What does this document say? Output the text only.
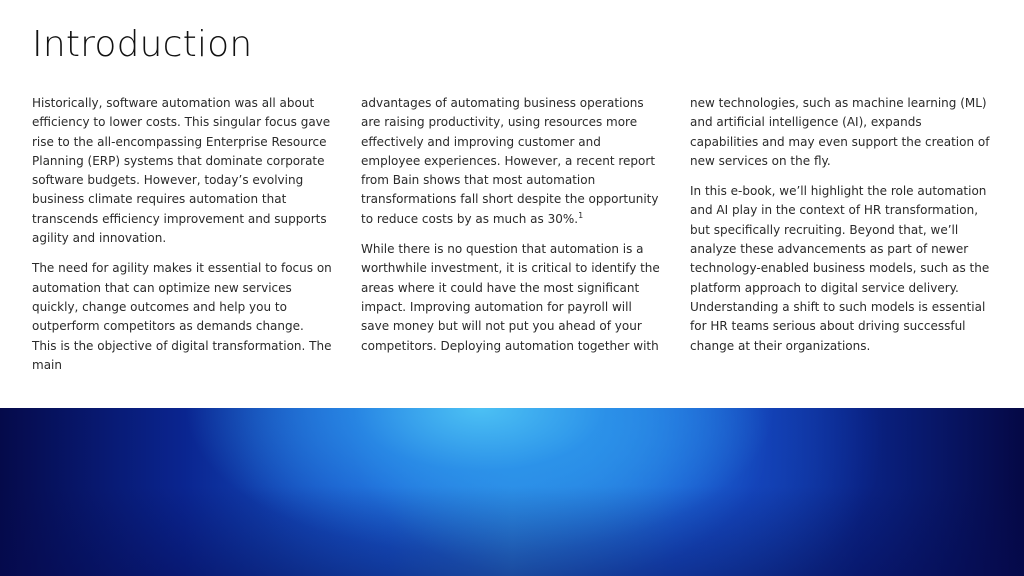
Introduction

Historically, software automation was all about efficiency to lower costs. This singular focus gave rise to the all-encompassing Enterprise Resource Planning (ERP) systems that dominate corporate software budgets. However, today’s evolving business climate requires automation that transcends efficiency improvement and supports agility and innovation.

The need for agility makes it essential to focus on automation that can optimize new services quickly, change outcomes and help you to outperform competitors as demands change. This is the objective of digital transformation. The main

advantages of automating business operations are raising productivity, using resources more effectively and improving customer and employee experiences. However, a recent report from Bain shows that most automation transformations fall short despite the opportunity to reduce costs by as much as 30%.$^1$

While there is no question that automation is a worthwhile investment, it is critical to identify the areas where it could have the most significant impact. Improving automation for payroll will save money but will not put you ahead of your competitors. Deploying automation together with

new technologies, such as machine learning (ML) and artificial intelligence (AI), expands capabilities and may even support the creation of new services on the fly.

In this e-book, we’ll highlight the role automation and AI play in the context of HR transformation, but specifically recruiting. Beyond that, we’ll analyze these advancements as part of newer technology-enabled business models, such as the platform approach to digital service delivery. Understanding a shift to such models is essential for HR teams serious about driving successful change at their organizations.
